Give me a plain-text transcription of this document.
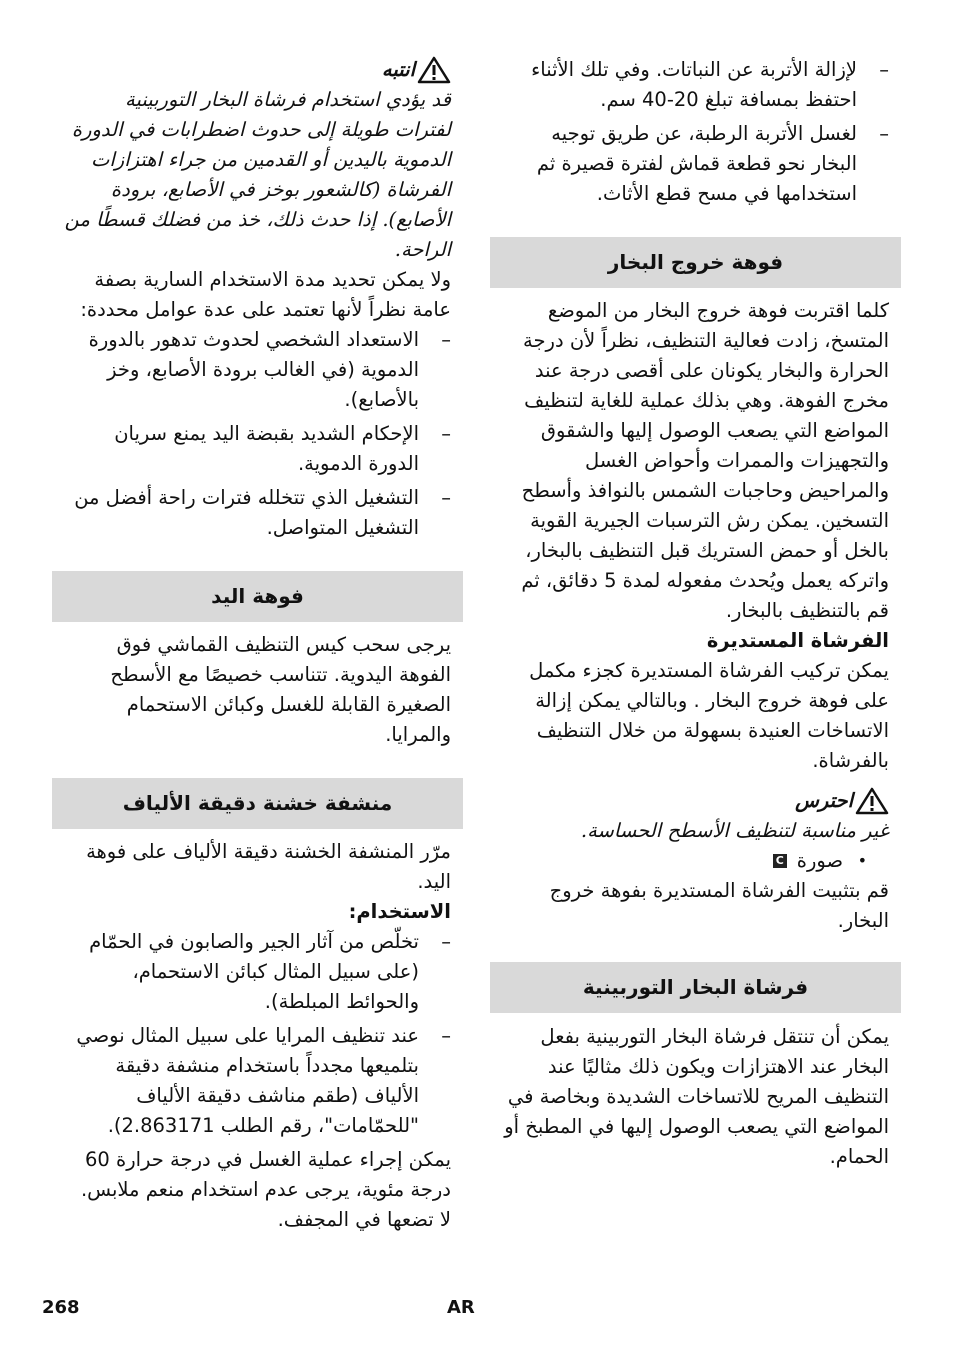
–
لإزالة الأتربة عن النباتات. وفي تلك الأثناء احتفظ بمسافة تبلغ 20-40 سم.
–
لغسل الأتربة الرطبة، عن طريق توجيه البخار نحو قطعة قماش لفترة قصيرة ثم استخدامها في مسح قطع الأثاث.
فوهة خروج البخار

كلما اقتربت فوهة خروج البخار من الموضع المتسخ، زادت فعالية التنظيف، نظراً لأن درجة الحرارة والبخار يكونان على أقصى درجة عند مخرج الفوهة. وهي بذلك عملية للغاية لتنظيف المواضع التي يصعب الوصول إليها والشقوق والتجهيزات والممرات وأحواض الغسل والمراحيض وحاجبات الشمس بالنوافذ وأسطح التسخين. يمكن رش الترسبات الجيرية القوية بالخل أو حمض الستريك قبل التنظيف بالبخار، واتركه يعمل ويُحدث مفعوله لمدة 5 دقائق، ثم قم بالتنظيف بالبخار.

الفرشاة المستديرة

يمكن تركيب الفرشاة المستديرة كجزء مكمل على فوهة خروج البخار . وبالتالي يمكن إزالة الاتساخات العنيدة بسهولة من خلال التنظيف بالفرشاة.

احترس

غير مناسبة لتنظيف الأسطح الحساسة.

•
صورة
C

قم بتثبيت الفرشاة المستديرة بفوهة خروج البخار.

فرشاة البخار التوربينية

يمكن أن تنتقل فرشاة البخار التوربينية بفعل البخار عند الاهتزازات ويكون ذلك مثاليًا عند التنظيف المريح للاتساخات الشديدة وبخاصة في المواضع التي يصعب الوصول إليها في المطبخ أو الحمام.

انتبه

قد يؤدي استخدام فرشاة البخار التوربينية لفترات طويلة إلى حدوث اضطرابات في الدورة الدموية باليدين أو القدمين من جراء اهتزازات الفرشاة (كالشعور بوخز في الأصابع، برودة الأصابع). إذا حدث ذلك، خذ من فضلك قسطًا من الراحة.

ولا يمكن تحديد مدة الاستخدام السارية بصفة عامة نظراً لأنها تعتمد على عدة عوامل محددة:

–
الاستعداد الشخصي لحدوث تدهور بالدورة الدموية (في الغالب برودة الأصابع، وخز بالأصابع).
–
الإحكام الشديد بقبضة اليد يمنع سريان الدورة الدموية.
–
التشغيل الذي تتخلله فترات راحة أفضل من التشغيل المتواصل.
فوهة اليد

يرجى سحب كيس التنظيف القماشي فوق الفوهة اليدوية. تتناسب خصيصًا مع الأسطح الصغيرة القابلة للغسل وكبائن الاستحمام والمرايا.

منشفة خشنة دقيقة الألياف

مرّر المنشفة الخشنة دقيقة الألياف على فوهة اليد.

الاستخدام:

–
تخلّص من آثار الجير والصابون في الحمّام (على سبيل المثال كبائن الاستحمام، والحوائط المبلطة).
–
عند تنظيف المرايا على سبيل المثال نوصي بتلميعها مجدداً باستخدام منشفة دقيقة الألياف (طقم مناشف دقيقة الألياف "للحمّامات"، رقم الطلب 2.863171).

يمكن إجراء عملية الغسل في درجة حرارة 60 درجة مئوية، يرجى عدم استخدام منعم ملابس. لا تضعها في المجفف.

268	AR
